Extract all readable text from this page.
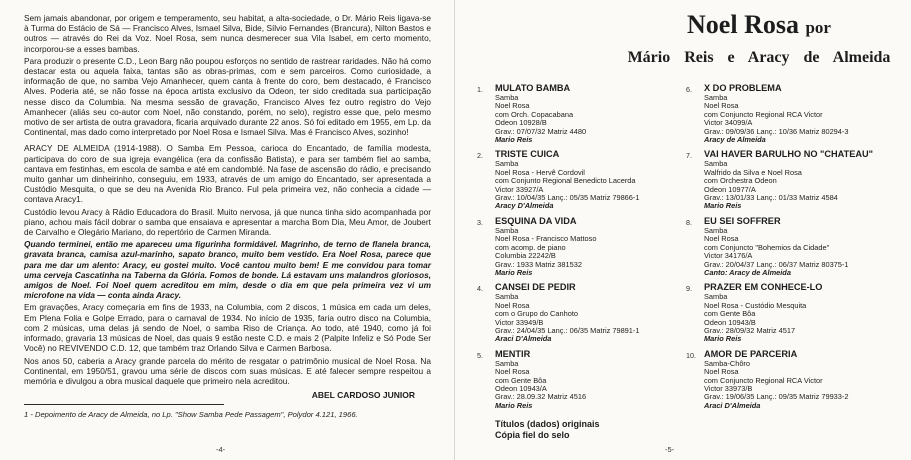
Sem jamais abandonar, por origem e temperamento, seu habitat, a alta-sociedade, o Dr. Mário Reis ligava-se à Turma do Estácio de Sá — Francisco Alves, Ismael Silva, Bide, Sílvio Fernandes (Brancura), Nilton Bastos e outros — através do Rei da Voz. Noel Rosa, sem nunca desmerecer sua Vila Isabel, em certo momento, incorporou-se a esses bambas.

Para produzir o presente C.D., Leon Barg não poupou esforços no sentido de rastrear raridades. Não há como destacar esta ou aquela faixa, tantas são as obras-primas, com e sem parceiros. Como curiosidade, a informação de que, no samba Vejo Amanhecer, quem canta à frente do coro, bem destacado, é Francisco Alves. Poderia até, se não fosse na época artista exclusivo da Odeon, ter sido creditada sua participação nesse disco da Columbia. Na mesma sessão de gravação, Francisco Alves fez outro registro do Vejo Amanhecer (aliás seu co-autor com Noel, não constando, porém, no selo), registro esse que, pelo mesmo motivo de ser artista de outra gravadora, ficaria arquivado durante 22 anos. Só foi editado em 1955, em Lp. da Continental, mas dado como interpretado por Noel Rosa e Ismael Silva. Mas é Francisco Alves, sozinho!

ARACY DE ALMEIDA (1914-1988). O Samba Em Pessoa, carioca do Encantado, de família modesta, participava do coro de sua igreja evangélica (era da confissão Batista), e para ser também fiel ao samba, cantava em festinhas, em escola de samba e até em candomblé. Na fase de ascensão do rádio, e precisando muito ganhar um dinheirinho, conseguiu, em 1933, através de um amigo do Encantado, ser apresentada a Custódio Mesquita, o que se deu na Avenida Rio Branco. Ful pela primeira vez, não conhecia a cidade — contava Aracy1.

Custódio levou Aracy à Rádio Educadora do Brasil. Muito nervosa, já que nunca tinha sido acompanhada por piano, achou mais fácil dobrar o samba que ensaiava e apresentar a marcha Bom Dia, Meu Amor, de Joubert de Carvalho e Olegário Mariano, do repertório de Carmen Miranda.

Quando terminei, então me apareceu uma figurinha formidável. Magrinho, de terno de flanela branca, gravata branca, camisa azul-marinho, sapato branco, muito bem vestido. Era Noel Rosa, parece que para me dar um alento: Aracy, eu gostei muito. Você cantou muito bem! E me convidou para tomar uma cerveja Cascatinha na Taberna da Glória. Fomos de bonde. Lá estavam uns malandros gloriosos, amigos de Noel. Foi Noel quem acreditou em mim, desde o dia em que pela primeira vez vi um microfone na vida — conta ainda Aracy.

Em gravações, Aracy começaria em fins de 1933, na Columbia, com 2 discos, 1 música em cada um deles, Em Plena Folia e Golpe Errado, para o carnaval de 1934. No início de 1935, faria outro disco na Columbia, com 2 músicas, uma delas já sendo de Noel, o samba Riso de Criança. Ao todo, até 1940, como já foi informado, gravaria 13 músicas de Noel, das quais 9 estão neste C.D. e mais 2 (Palpite Infeliz e Só Pode Ser Você) no REVIVENDO C.D. 12, que também traz Orlando Silva e Carmen Barbosa.

Nos anos 50, caberia a Aracy grande parcela do mérito de resgatar o patrimônio musical de Noel Rosa. Na Continental, em 1950/51, gravou uma série de discos com suas músicas. E até falecer sempre respeitou a memória e divulgou a obra musical daquele que primeiro nela acreditou.

ABEL CARDOSO JUNIOR
1 - Depoimento de Aracy de Almeida, no Lp. "Show Samba Pede Passagem", Polydor 4.121, 1966.
-4-
Noel Rosa por
Mário Reis e Aracy de Almeida
1.	MULATO BAMBA
Samba
Noel Rosa
com Orch. Copacabana
Odeon 10928/B
Grav.: 07/07/32 Matriz 4480
Mario Reis
2.	TRISTE CUICA
Samba
Noel Rosa - Hervê Cordovil
com Conjunto Regional Benedicto Lacerda
Victor 33927/A
Grav.: 10/04/35 Lanç.: 05/35 Matriz 79866-1
Aracy D'Almeida
3.	ESQUINA DA VIDA
Samba
Noel Rosa - Francisco Mattoso
com acomp. de piano
Columbia 22242/B
Grav.: 1933 Matriz 381532
Mario Reis
4.	CANSEI DE PEDIR
Samba
Noel Rosa
com o Grupo do Canhoto
Victor 33949/B
Grav.: 24/04/35 Lanç.: 06/35 Matriz 79891-1
Araci D'Almeida
5.	MENTIR
Samba
Noel Rosa
com Gente Bôa
Odeon 10943/A
Grav.: 28.09.32 Matriz 4516
Mario Reis
6.	X DO PROBLEMA
Samba
Noel Rosa
com Conjuncto Regional RCA Victor
Victor 34099/A
Grav.: 09/09/36 Lanç.: 10/36 Matriz 80294-3
Aracy de Almeida
7.	VAI HAVER BARULHO NO "CHATEAU"
Samba
Walfrido da Silva e Noel Rosa
com Orchestra Odeon
Odeon 10977/A
Grav.: 13/01/33 Lanç.: 01/33 Matriz 4584
Mario Reis
8.	EU SEI SOFFRER
Samba
Noel Rosa
com Conjuncto "Bohemios da Cidade"
Victor 34176/A
Grav.: 20/04/37 Lanç.: 06/37 Matriz 80375-1
Canto: Aracy de Almeida
9.	PRAZER EM CONHECE-LO
Samba
Noel Rosa - Custódio Mesquita
com Gente Bôa
Odeon 10943/B
Grav.: 28/09/32 Matriz 4517
Mario Reis
10. AMOR DE PARCERIA
Samba-Chôro
Noel Rosa
com Conjuncto Regional RCA Victor
Victor 33973/B
Grav.: 19/06/35 Lanç.: 09/35 Matriz 79933-2
Araci D'Almeida
Títulos (dados) originais
Cópia fiel do selo
-5-
